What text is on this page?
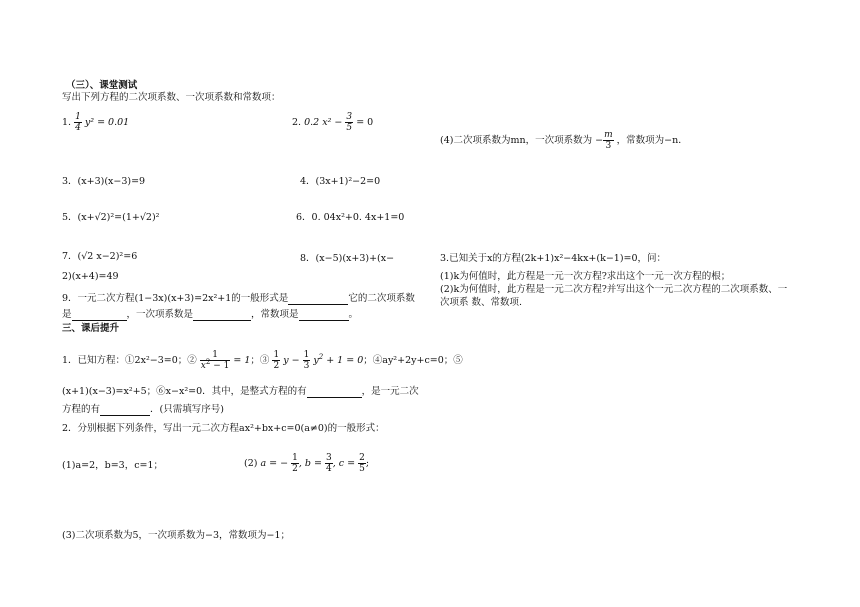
（三）、课堂测试
写出下列方程的二次项系数、一次项系数和常数项：
1. $\frac{1}{4} y^2 = 0.01$	2. 0.2 $x^2 - \frac{3}{5} = 0$
3．(x+3)(x−3)=9	4．(3x+1)²−2=0
5．(x+√2)²=(1+√2)²	6．0. 04x²+0. 4x+1=0
7．(√2 x−2)²=6	8．(x−5)(x+3)+(x−
2)(x+4)=49
9．一元二次方程(1−3x)(x+3)=2x²+1的一般形式是	它的二次项系数
是	，一次项系数是	，常数项是	。
三、课后提升
1．已知方程：①2x²−3=0；② $\frac{1}{x^2 - 1} = 1$；③ $\frac{1}{2}$ $y - \frac{1}{3} y^2 + 1 = 0$；④ay²+2y+c=0；⑤
(x+1)(x−3)=x²+5；⑥x−x²=0．其中，是整式方程的有	，是一元二次
方程的有	．(只需填写序号)
2．分别根据下列条件，写出一元二次方程ax²+bx+c=0(a≠0)的一般形式：
(1)a=2，b=3，c=1；	(2) a = − $\frac{1}{2}$ , $b = \frac{3}{4}$ , $c = \frac{2}{5}$ ;
(3)二次项系数为5，一次项系数为−3，常数项为−1；
(4)二次项系数为mn，一次项系数为 − $\frac{m}{3}$ ，常数项为−n．
3.已知关于x的方程(2k+1)x²−4kx+(k−1)=0，问：
(1)k为何值时，此方程是一元一次方程?求出这个一元一次方程的根；
(2)k为何值时，此方程是一元二次方程?并写出这个一元二次方程的二次项系数、一
次项系 数、常数项.
